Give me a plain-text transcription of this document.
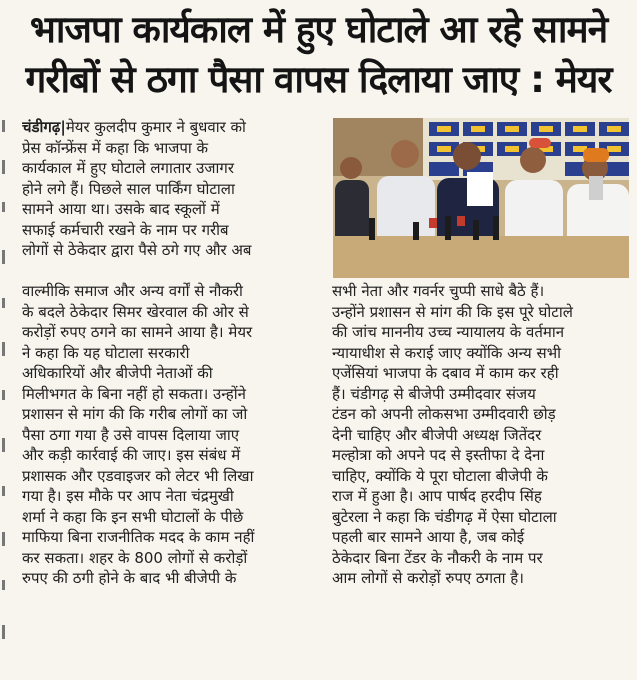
भाजपा कार्यकाल में हुए घोटाले आ रहे सामने
गरीबों से ठगा पैसा वापस दिलाया जाए : मेयर
चंडीगढ़|मेयर कुलदीप कुमार ने बुधवार को
प्रेस कॉन्फ्रेंस में कहा कि भाजपा के
कार्यकाल में हुए घोटाले लगातार उजागर
होने लगे हैं। पिछले साल पार्किंग घोटाला
सामने आया था। उसके बाद स्कूलों में
सफाई कर्मचारी रखने के नाम पर गरीब
लोगों से ठेकेदार द्वारा पैसे ठगे गए और अब
वाल्मीकि समाज और अन्य वर्गों से नौकरी
के बदले ठेकेदार सिमर खेरवाल की ओर से
करोड़ों रुपए ठगने का सामने आया है। मेयर
ने कहा कि यह घोटाला सरकारी
अधिकारियों और बीजेपी नेताओं की
मिलीभगत के बिना नहीं हो सकता। उन्होंने
प्रशासन से मांग की कि गरीब लोगों का जो
पैसा ठगा गया है उसे वापस दिलाया जाए
और कड़ी कार्रवाई की जाए। इस संबंध में
प्रशासक और एडवाइजर को लेटर भी लिखा
गया है। इस मौके पर आप नेता चंद्रमुखी
शर्मा ने कहा कि इन सभी घोटालों के पीछे
माफिया बिना राजनीतिक मदद के काम नहीं
कर सकता। शहर के 800 लोगों से करोड़ों
रुपए की ठगी होने के बाद भी बीजेपी के
सभी नेता और गवर्नर चुप्पी साधे बैठे हैं।
उन्होंने प्रशासन से मांग की कि इस पूरे घोटाले
की जांच माननीय उच्च न्यायालय के वर्तमान
न्यायाधीश से कराई जाए क्योंकि अन्य सभी
एजेंसियां भाजपा के दबाव में काम कर रही
हैं। चंडीगढ़ से बीजेपी उम्मीदवार संजय
टंडन को अपनी लोकसभा उम्मीदवारी छोड़
देनी चाहिए और बीजेपी अध्यक्ष जितेंदर
मल्होत्रा को अपने पद से इस्तीफा दे देना
चाहिए, क्योंकि ये पूरा घोटाला बीजेपी के
राज में हुआ है। आप पार्षद हरदीप सिंह
बुटेरला ने कहा कि चंडीगढ़ में ऐसा घोटाला
पहली बार सामने आया है, जब कोई
ठेकेदार बिना टेंडर के नौकरी के नाम पर
आम लोगों से करोड़ों रुपए ठगता है।
